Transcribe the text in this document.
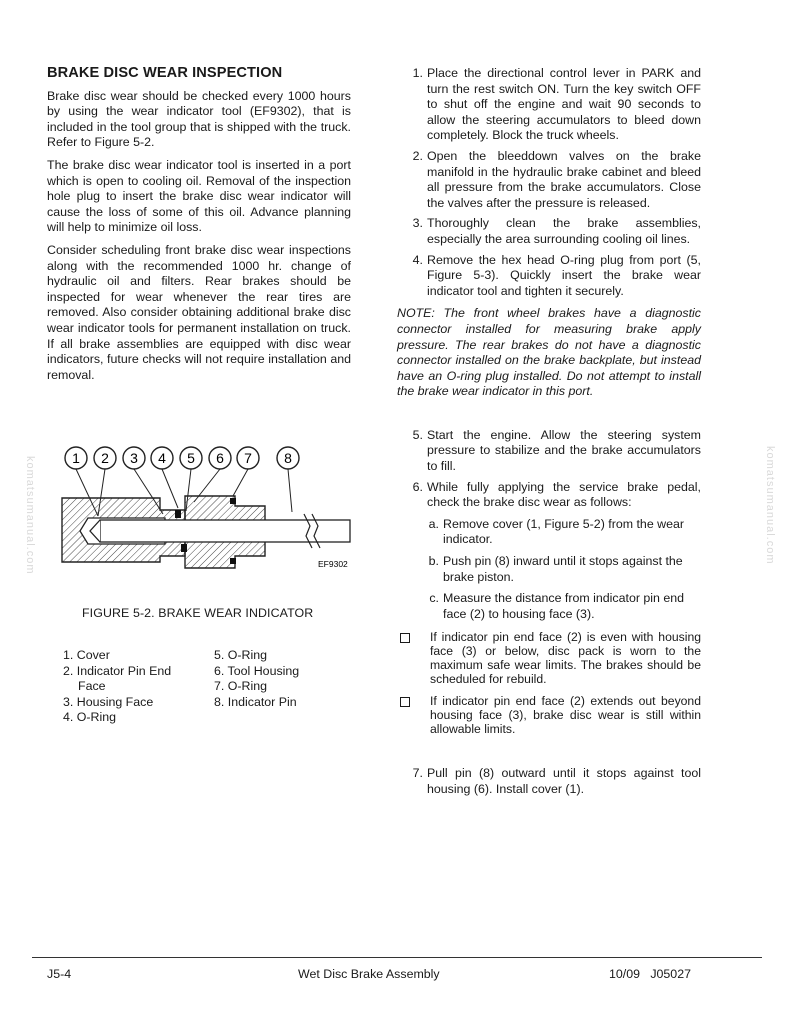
BRAKE DISC WEAR INSPECTION

Brake disc wear should be checked every 1000 hours by using the wear indicator tool (EF9302), that is included in the tool group that is shipped with the truck. Refer to Figure 5-2.

The brake disc wear indicator tool is inserted in a port which is open to cooling oil. Removal of the inspection hole plug to insert the brake disc wear indicator will cause the loss of some of this oil. Advance planning will help to minimize oil loss.

Consider scheduling front brake disc wear inspections along with the recommended 1000 hr. change of hydraulic oil and filters. Rear brakes should be inspected for wear whenever the rear tires are removed. Also consider obtaining additional brake disc wear indicator tools for permanent installation on truck. If all brake assemblies are equipped with disc wear indicators, future checks will not require installation and removal.

1 2 3 4 5 6 7 8
EF9302
FIGURE 5-2. BRAKE WEAR INDICATOR
1. Cover
2. Indicator Pin End
Face
3. Housing Face
4. O-Ring
5. O-Ring
6. Tool Housing
7. O-Ring
8. Indicator Pin
1. Place the directional control lever in PARK and turn the rest switch ON. Turn the key switch OFF to shut off the engine and wait 90 seconds to allow the steering accumulators to bleed down completely. Block the truck wheels.
2. Open the bleeddown valves on the brake manifold in the hydraulic brake cabinet and bleed all pressure from the brake accumulators. Close the valves after the pressure is released.
3. Thoroughly clean the brake assemblies, especially the area surrounding cooling oil lines.
4. Remove the hex head O-ring plug from port (5, Figure 5-3). Quickly insert the brake wear indicator tool and tighten it securely.

NOTE: The front wheel brakes have a diagnostic connector installed for measuring brake apply pressure. The rear brakes do not have a diagnostic connector installed on the brake backplate, but instead have an O-ring plug installed. Do not attempt to install the brake wear indicator in this port.

5. Start the engine. Allow the steering system pressure to stabilize and the brake accumulators to fill.
6. While fully applying the service brake pedal, check the brake disc wear as follows:
a. Remove cover (1, Figure 5-2) from the wear indicator.
b. Push pin (8) inward until it stops against the brake piston.
c. Measure the distance from indicator pin end face (2) to housing face (3).
If indicator pin end face (2) is even with housing face (3) or below, disc pack is worn to the maximum safe wear limits. The brakes should be scheduled for rebuild.
If indicator pin end face (2) extends out beyond housing face (3), brake disc wear is still within allowable limits.
7. Pull pin (8) outward until it stops against tool housing (6). Install cover (1).
komatsumanual.com	komatsumanual.com
J5-4	Wet Disc Brake Assembly	10/09   J05027
